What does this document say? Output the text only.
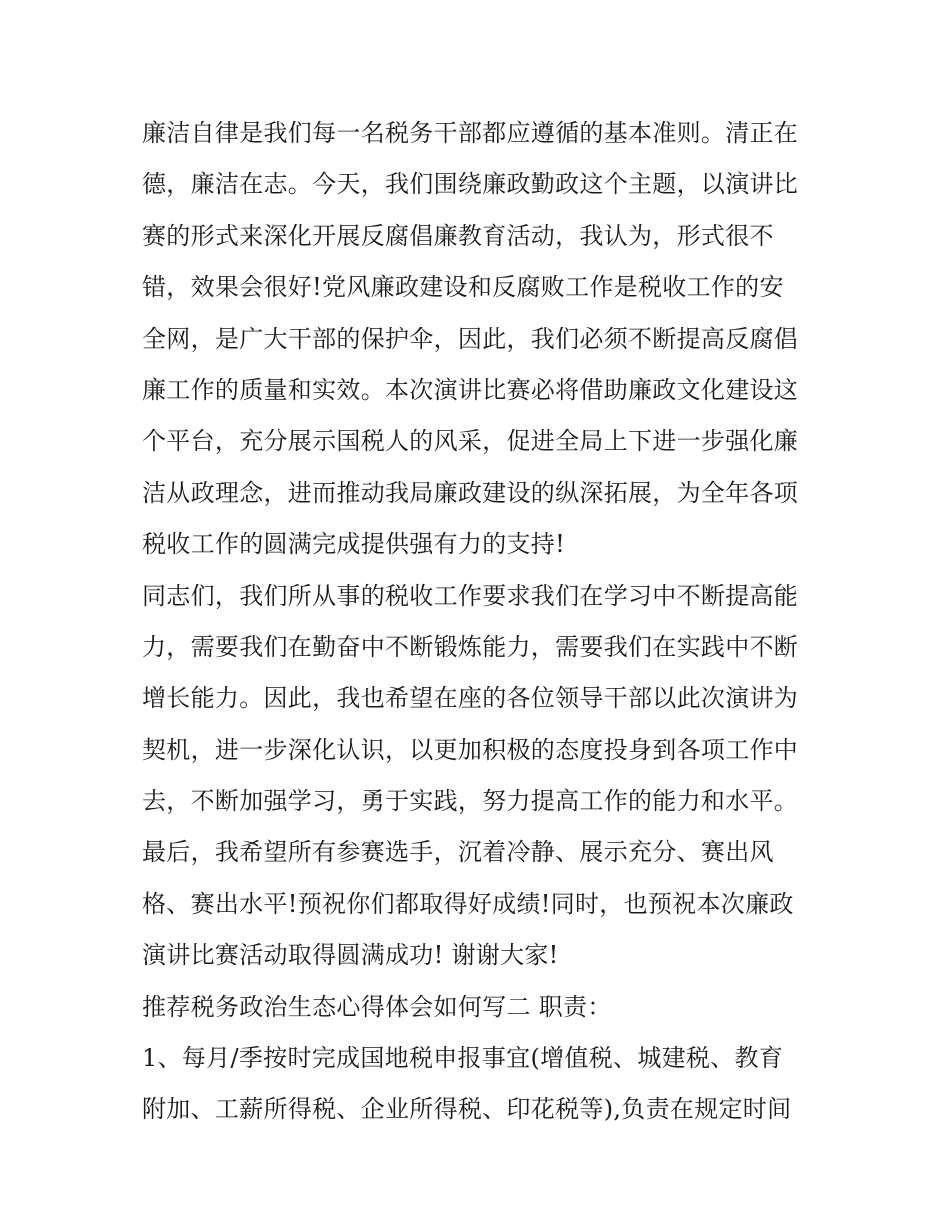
廉洁自律是我们每一名税务干部都应遵循的基本准则。清正在
德，廉洁在志。今天，我们围绕廉政勤政这个主题，以演讲比
赛的形式来深化开展反腐倡廉教育活动，我认为，形式很不
错，效果会很好!党风廉政建设和反腐败工作是税收工作的安
全网，是广大干部的保护伞，因此，我们必须不断提高反腐倡
廉工作的质量和实效。本次演讲比赛必将借助廉政文化建设这
个平台，充分展示国税人的风采，促进全局上下进一步强化廉
洁从政理念，进而推动我局廉政建设的纵深拓展，为全年各项
税收工作的圆满完成提供强有力的支持!
同志们，我们所从事的税收工作要求我们在学习中不断提高能
力，需要我们在勤奋中不断锻炼能力，需要我们在实践中不断
增长能力。因此，我也希望在座的各位领导干部以此次演讲为
契机，进一步深化认识，以更加积极的态度投身到各项工作中
去，不断加强学习，勇于实践，努力提高工作的能力和水平。
最后，我希望所有参赛选手，沉着冷静、展示充分、赛出风
格、赛出水平!预祝你们都取得好成绩!同时，也预祝本次廉政
演讲比赛活动取得圆满成功! 谢谢大家!
推荐税务政治生态心得体会如何写二 职责：
1、每月/季按时完成国地税申报事宜(增值税、城建税、教育
附加、工薪所得税、企业所得税、印花税等),负责在规定时间
